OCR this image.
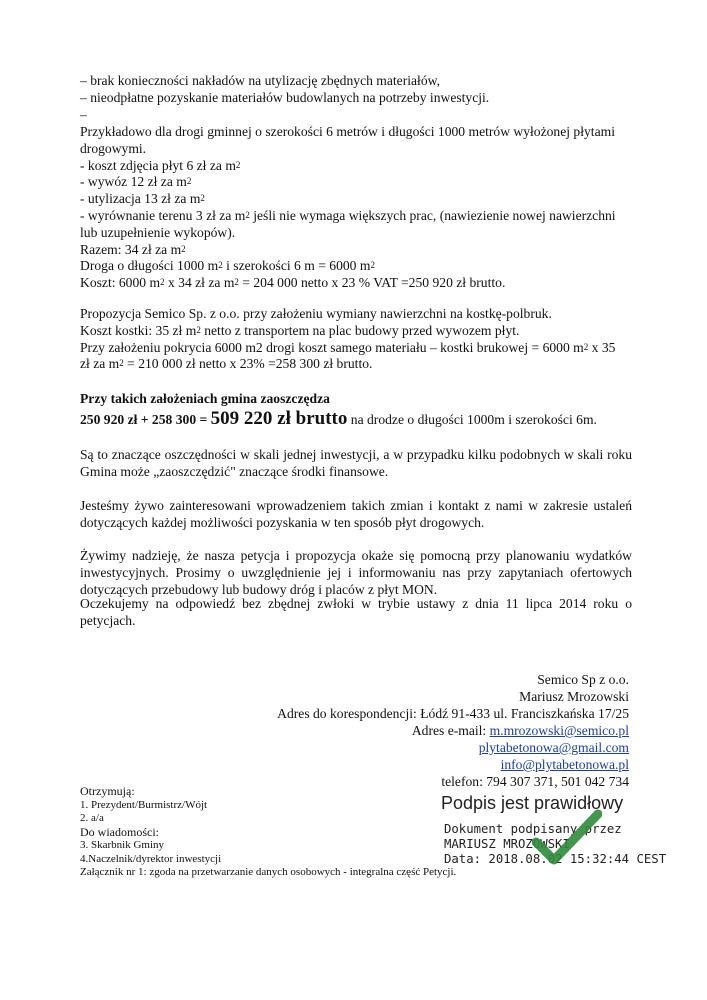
– brak konieczności nakładów na utylizację zbędnych materiałów,
– nieodpłatne pozyskanie materiałów budowlanych na potrzeby inwestycji.
–
Przykładowo dla drogi gminnej o szerokości 6 metrów i długości 1000 metrów wyłożonej płytami
drogowymi.
- koszt zdjęcia płyt 6 zł za $m^2$
- wywóz 12 zł za $m^2$
- utylizacja 13 zł za $m^2$
- wyrównanie terenu 3 zł za $m^2$ jeśli nie wymaga większych prac, (nawiezienie nowej nawierzchni
lub uzupełnienie wykopów).
Razem: 34 zł za $m^2$
Droga o długości 1000 $m^2$ i szerokości 6 m = 6000 $m^2$
Koszt: 6000 $m^2$ x 34 zł za $m^2 = 204$ 000 netto x 23 % VAT =250 920 zł brutto.
Propozycja Semico Sp. z o.o. przy założeniu wymiany nawierzchni na kostkę-polbruk.
Koszt kostki: 35 zł $m^2$ netto z transportem na plac budowy przed wywozem płyt.
Przy założeniu pokrycia 6000 m2 drogi koszt samego materiału – kostki brukowej = 6000 $m^2$ x 35
zł za $m^2 = 210$ 000 zł netto x 23% =258 300 zł brutto.
Przy takich założeniach gmina zaoszczędza
250 920 zł + 258 300 = 509 220 zł brutto na drodze o długości 1000m i szerokości 6m.
Są to znaczące oszczędności w skali jednej inwestycji, a w przypadku kilku podobnych w skali roku Gmina może „zaoszczędzić" znaczące środki finansowe.
Jesteśmy żywo zainteresowani wprowadzeniem takich zmian i kontakt z nami w zakresie ustaleń dotyczących każdej możliwości pozyskania w ten sposób płyt drogowych.
Żywimy nadzieję, że nasza petycja i propozycja okaże się pomocną przy planowaniu wydatków inwestycyjnych. Prosimy o uwzględnienie jej i informowaniu nas przy zapytaniach ofertowych dotyczących przebudowy lub budowy dróg i placów z płyt MON.
Oczekujemy na odpowiedź bez zbędnej zwłoki w trybie ustawy z dnia 11 lipca 2014 roku o petycjach.
Semico Sp z o.o.
Mariusz Mrozowski
Adres do korespondencji: Łódź 91-433 ul. Franciszkańska 17/25
Adres e-mail: m.mrozowski@semico.pl
plytabetonowa@gmail.com
info@plytabetonowa.pl
telefon: 794 307 371, 501 042 734
Otrzymują:
1. Prezydent/Burmistrz/Wójt
2. a/a
Do wiadomości:
3. Skarbnik Gminy
4.Naczelnik/dyrektor inwestycji
Załącznik nr 1: zgoda na przetwarzanie danych osobowych - integralna część Petycji.
Podpis jest prawidłowy
Dokument podpisany przez
MARIUSZ MROZOWSKI
Data: 2018.08.02 15:32:44 CEST
